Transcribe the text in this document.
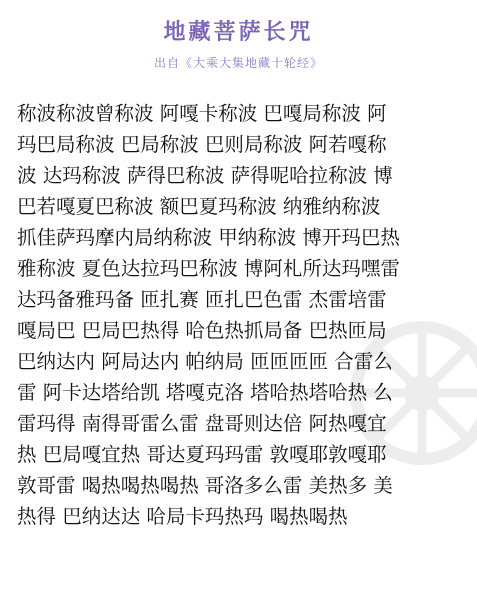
地藏菩萨长咒
出自《大乘大集地藏十轮经》
称波称波曾称波 阿嘎卡称波 巴嘎局称波 阿
玛巴局称波 巴局称波 巴则局称波 阿若嘎称
波 达玛称波 萨得巴称波 萨得呢哈拉称波 博
巴若嘎夏巴称波 额巴夏玛称波 纳雅纳称波
抓佳萨玛摩内局纳称波 甲纳称波 博开玛巴热
雅称波 夏色达拉玛巴称波 博阿札所达玛嘿雷
达玛备雅玛备 匝扎赛 匝扎巴色雷 杰雷培雷
嘎局巴 巴局巴热得 哈色热抓局备 巴热匝局
巴纳达内 阿局达内 帕纳局 匝匝匝匝 合雷么
雷 阿卡达塔给凯 塔嘎克洛 塔哈热塔哈热 么
雷玛得 南得哥雷么雷 盘哥则达倍 阿热嘎宜
热 巴局嘎宜热 哥达夏玛玛雷 敦嘎耶敦嘎耶
敦哥雷 喝热喝热喝热 哥洛多么雷 美热多 美
热得 巴纳达达 哈局卡玛热玛 喝热喝热
